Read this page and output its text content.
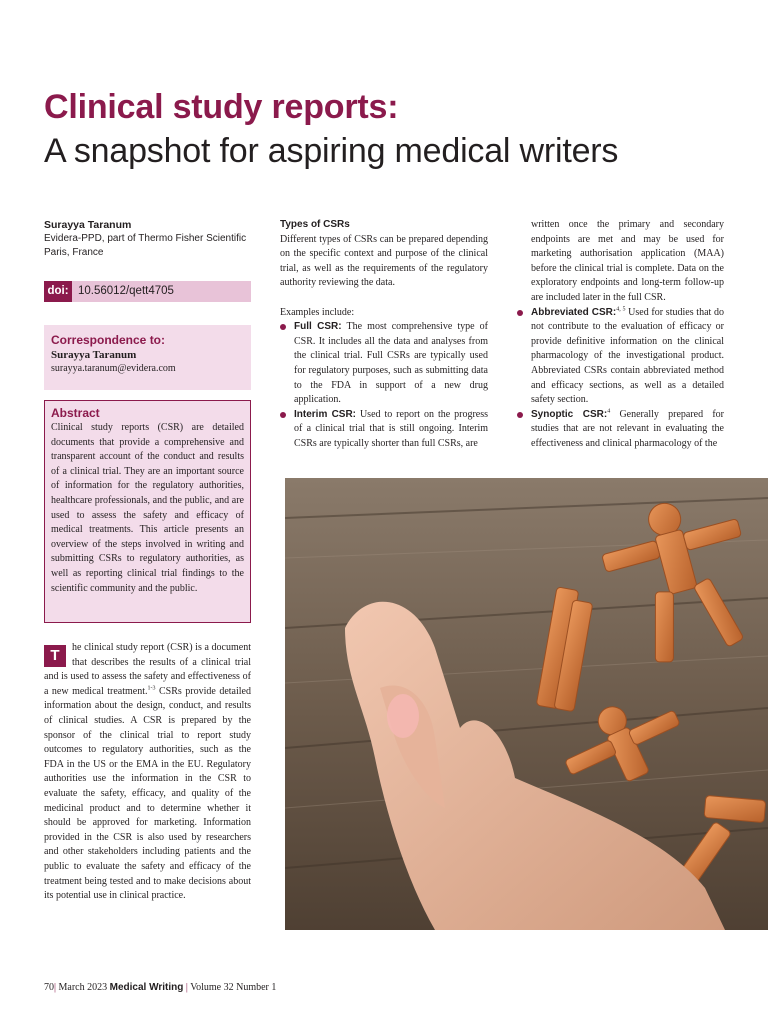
Clinical study reports:
A snapshot for aspiring medical writers
Surayya Taranum
Evidera-PPD, part of Thermo Fisher Scientific
Paris, France
doi: 10.56012/qett4705
Correspondence to:
Surayya Taranum
surayya.taranum@evidera.com
Abstract
Clinical study reports (CSR) are detailed documents that provide a comprehensive and transparent account of the conduct and results of a clinical trial. They are an important source of information for the regulatory authorities, healthcare professionals, and the public, and are used to assess the safety and efficacy of medical treatments. This article presents an overview of the steps involved in writing and submitting CSRs to regulatory authorities, as well as reporting clinical trial findings to the scientific community and the public.
T	he clinical study report (CSR) is a document that describes the results of a clinical trial and is used to assess the safety and effectiveness of a new medical treatment.$^{1-3}$ CSRs provide detailed information about the design, conduct, and results of clinical studies. A CSR is prepared by the sponsor of the clinical trial to report study outcomes to regulatory authorities, such as the FDA in the US or the EMA in the EU. Regulatory authorities use the information in the CSR to evaluate the safety, efficacy, and quality of the medicinal product and to determine whether it should be approved for marketing. Information provided in the CSR is also used by researchers and other stakeholders including patients and the public to evaluate the safety and efficacy of the treatment being tested and to make decisions about its potential use in clinical practice.
Types of CSRs

Different types of CSRs can be prepared depending on the specific context and purpose of the clinical trial, as well as the requirements of the regulatory authority reviewing the data.

Examples include:

Full CSR: The most comprehensive type of CSR. It includes all the data and analyses from the clinical trial. Full CSRs are typically used for regulatory purposes, such as submitting data to the FDA in support of a new drug application.
Interim CSR: Used to report on the progress of a clinical trial that is still ongoing. Interim CSRs are typically shorter than full CSRs, are

written once the primary and secondary endpoints are met and may be used for marketing authorisation application (MAA) before the clinical trial is complete. Data on the exploratory endpoints and long-term follow-up are included later in the full CSR.

Abbreviated CSR:$^{4, 5}$ Used for studies that do not contribute to the evaluation of efficacy or provide definitive information on the clinical pharmacology of the investigational product. Abbreviated CSRs contain abbreviated method and efficacy sections, as well as a detailed safety section.
Synoptic CSR:$^4$ Generally prepared for studies that are not relevant in evaluating the effectiveness and clinical pharmacology of the
70| March 2023 Medical Writing | Volume 32 Number 1
